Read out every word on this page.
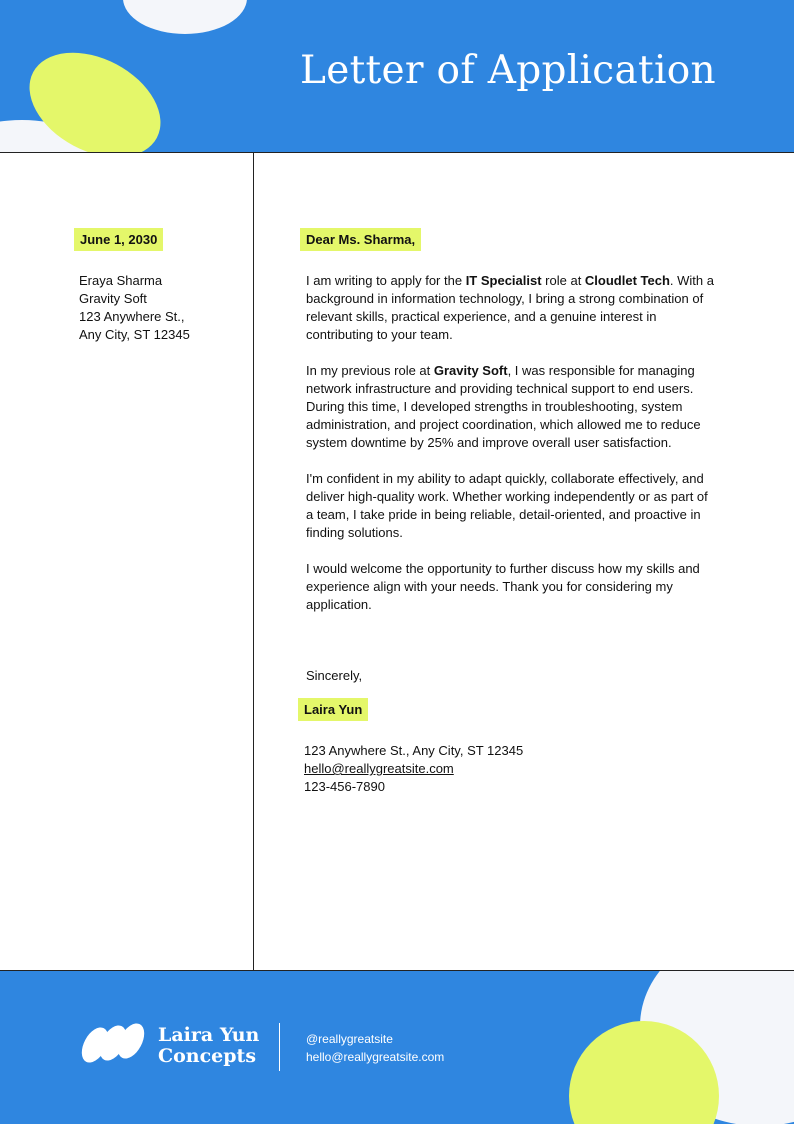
Letter of Application
June 1, 2030
Eraya Sharma
Gravity Soft
123 Anywhere St.,
Any City, ST 12345
Dear Ms. Sharma,

I am writing to apply for the IT Specialist role at Cloudlet Tech. With a background in information technology, I bring a strong combination of relevant skills, practical experience, and a genuine interest in contributing to your team.

In my previous role at Gravity Soft, I was responsible for managing network infrastructure and providing technical support to end users. During this time, I developed strengths in troubleshooting, system administration, and project coordination, which allowed me to reduce system downtime by 25% and improve overall user satisfaction.

I'm confident in my ability to adapt quickly, collaborate effectively, and deliver high-quality work. Whether working independently or as part of a team, I take pride in being reliable, detail-oriented, and proactive in finding solutions.

I would welcome the opportunity to further discuss how my skills and experience align with your needs. Thank you for considering my application.

Sincerely,
Laira Yun
123 Anywhere St., Any City, ST 12345
hello@reallygreatsite.com
123-456-7890
Laira Yun
Concepts
@reallygreatsite
hello@reallygreatsite.com
